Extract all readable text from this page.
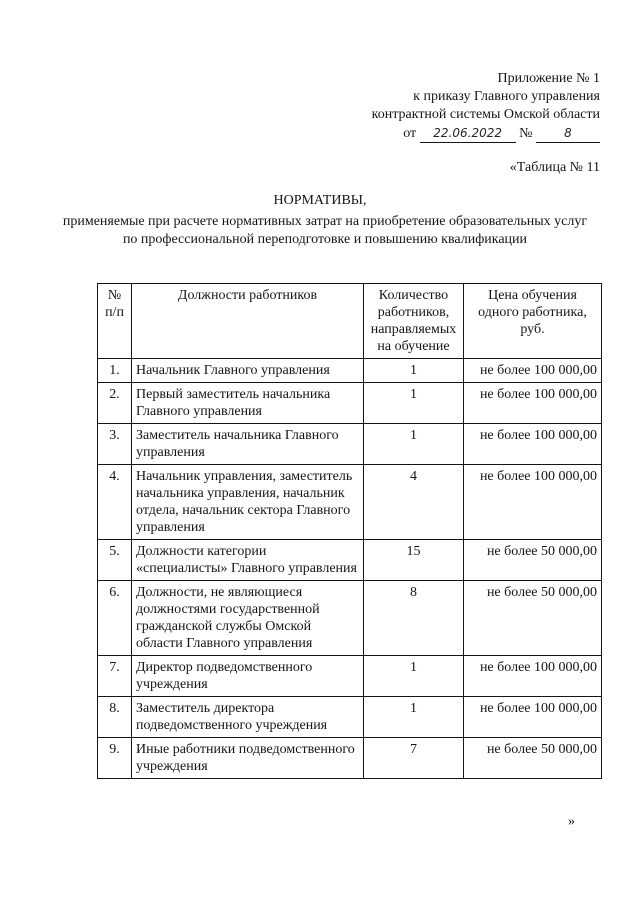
Приложение № 1
к приказу Главного управления
контрактной системы Омской области
от 22.06.2022 №	8
«Таблица № 11
НОРМАТИВЫ,
применяемые при расчете нормативных затрат на приобретение образовательных услуг по профессиональной переподготовке и повышению квалификации
№ п/п	Должности работников	Количество работников, направляемых на обучение	Цена обучения одного работника, руб.
1.	Начальник Главного управления	1	не более 100 000,00
2.	Первый заместитель начальника Главного управления	1	не более 100 000,00
3.	Заместитель начальника Главного управления	1	не более 100 000,00
4.	Начальник управления, заместитель начальника управления, начальник отдела, начальник сектора Главного управления	4	не более 100 000,00
5.	Должности категории «специалисты» Главного управления	15	не более 50 000,00
6.	Должности, не являющиеся должностями государственной гражданской службы Омской области Главного управления	8	не более 50 000,00
7.	Директор подведомственного учреждения	1	не более 100 000,00
8.	Заместитель директора подведомственного учреждения	1	не более 100 000,00
9.	Иные работники подведомственного учреждения	7	не более 50 000,00
»
